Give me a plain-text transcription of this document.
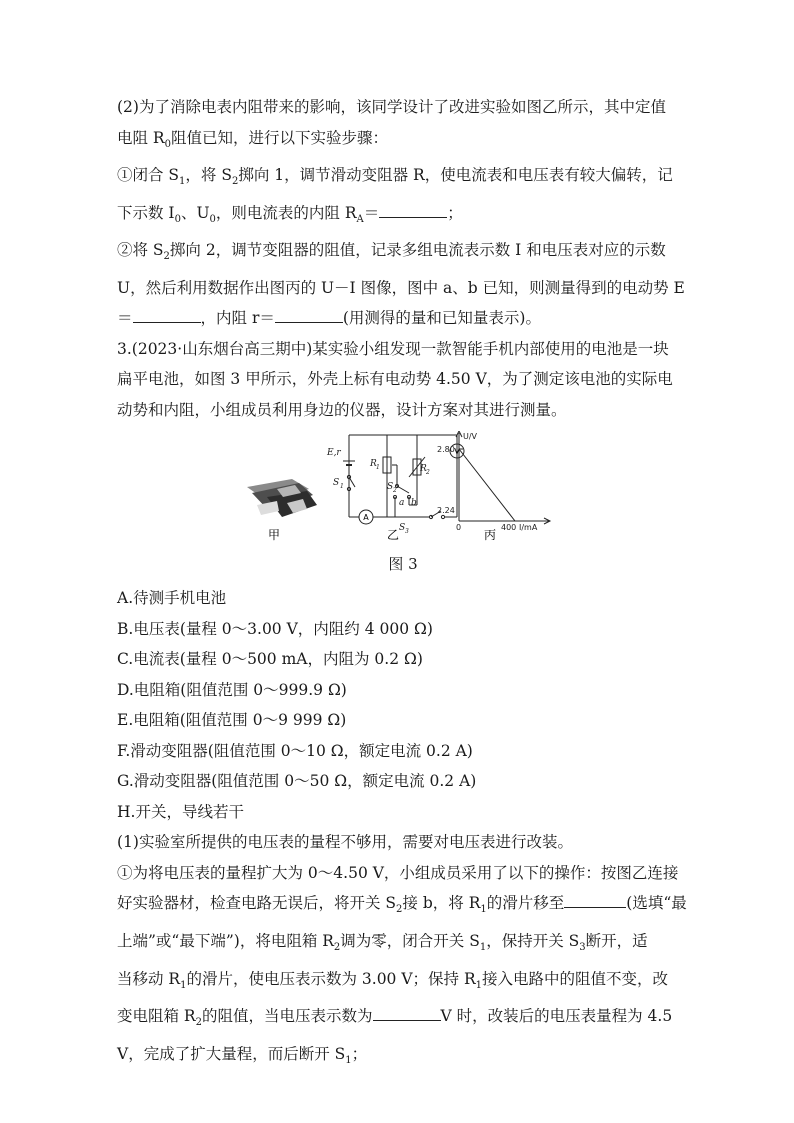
(2)为了消除电表内阻带来的影响，该同学设计了改进实验如图乙所示，其中定值

电阻 $R_0$阻值已知，进行以下实验步骤：

①闭合 $S_1$，将 $S_2$掷向 1，调节滑动变阻器 R，使电流表和电压表有较大偏转，记

下示数 $I_0$、$U_0$，则电流表的内阻 $R_A=$	；

②将 $S_2$掷向 2，调节变阻器的阻值，记录多组电流表示数 I 和电压表对应的示数

U，然后利用数据作出图丙的 U－I 图像，图中 a、b 已知，则测量得到的电动势 E

＝	，内阻 r＝	(用测得的量和已知量表示)。

3.(2023·山东烟台高三期中)某实验小组发现一款智能手机内部使用的电池是一块

扁平电池，如图 3 甲所示，外壳上标有电动势 4.50 V，为了测定该电池的实际电

动势和内阻，小组成员利用身边的仪器，设计方案对其进行测量。

甲
E,r
S 1
R 1	R 2
S 2
a b
S 3
V
A
乙
U/V
2.80
2.24
0	400 I/mA
丙
图 3

A.待测手机电池

B.电压表(量程 0～3.00 V，内阻约 4 000 Ω)

C.电流表(量程 0～500 mA，内阻为 0.2 Ω)

D.电阻箱(阻值范围 0～999.9 Ω)

E.电阻箱(阻值范围 0～9 999 Ω)

F.滑动变阻器(阻值范围 0～10 Ω，额定电流 0.2 A)

G.滑动变阻器(阻值范围 0～50 Ω，额定电流 0.2 A)

H.开关，导线若干

(1)实验室所提供的电压表的量程不够用，需要对电压表进行改装。

①为将电压表的量程扩大为 0～4.50 V，小组成员采用了以下的操作：按图乙连接

好实验器材，检查电路无误后，将开关 $S_2$接 b，将 $R_1$的滑片移至	(选填“最

上端”或“最下端”)，将电阻箱 $R_2$调为零，闭合开关 $S_1$，保持开关 $S_3$断开，适

当移动 $R_1$的滑片，使电压表示数为 3.00 V；保持 $R_1$接入电路中的阻值不变，改

变电阻箱 $R_2$的阻值，当电压表示数为	V 时，改装后的电压表量程为 4.5

V，完成了扩大量程，而后断开 $S_1$；
